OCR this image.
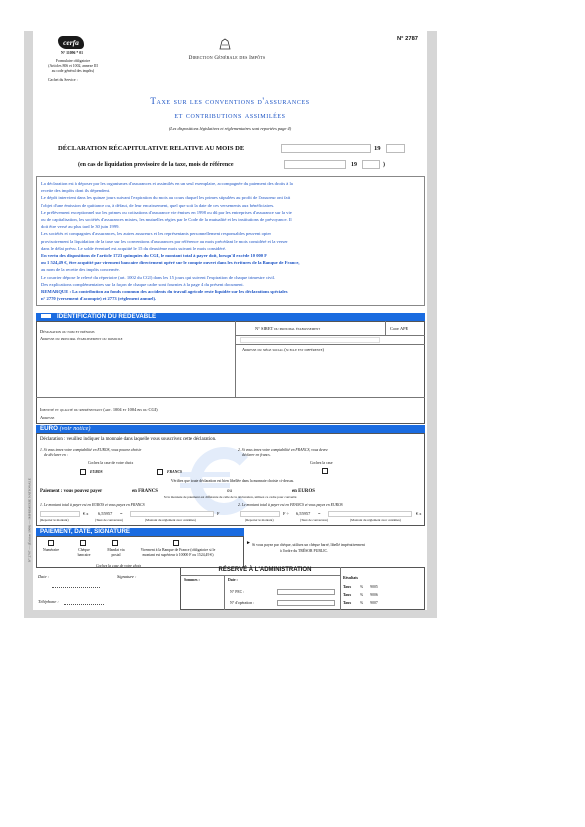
N° 2787 — (Édition 1999) — IMPRIMERIE NATIONALE
cerfa
N° 11096 * 01
Formulaire obligatoire
(Articles 806 et 1002, annexe III
au code général des impôts)
Cachet du Service :
Direction Générale des Impôts
N° 2787
Taxe sur les conventions d'assurances
et contributions assimilées
(Les dispositions législatives et réglementaires sont reportées page 4)
DÉCLARATION RÉCAPITULATIVE RELATIVE AU MOIS DE	19
(en cas de liquidation provisoire de la taxe, mois de référence	19	)
La déclaration est à déposer par les organismes d'assurances et assimilés en un seul exemplaire, accompagnée du paiement des droits à la
recette des impôts dont ils dépendent.
Le dépôt intervient dans les quinze jours suivant l'expiration du mois au cours duquel les primes stipulées au profit de l'assureur ont fait
l'objet d'une émission de quittance ou, à défaut, de leur encaissement, quel que soit la date de ces versements aux bénéficiaires.
Le prélèvement exceptionnel sur les primes ou cotisations d'assurance vie émises en 1998 ou dû par les entreprises d'assurance sur la vie
ou de capitalisation, les sociétés d'assurances mixtes, les mutuelles régies par le Code de la mutualité et les institutions de prévoyance. Il
doit être versé au plus tard le 30 juin 1999.
Les sociétés et compagnies d'assurances, les autres assureurs et les représentants personnellement responsables peuvent opter
provisoirement la liquidation de la taxe sur les conventions d'assurances par référence au mois précédant le mois considéré et la verser
dans le délai prévu. Le solde éventuel est acquitté le 15 du deuxième mois suivant le mois considéré.
En vertu des dispositions de l'article 1723 quinquies du CGI, le montant total à payer doit, lorsqu'il excède 10 000 F
ou 1 524,49 €, être acquitté par virement bancaire directement opéré sur le compte ouvert dans les écritures de la Banque de France,
au nom de la recette des impôts concernée.
Le courrier dépose le relevé du répertoire (art. 1002 du CGI) dans les 15 jours qui suivent l'expiration de chaque trimestre civil.
Des explications complémentaires sur la façon de chaque cadre sont fournies à la page 4 du présent document.
REMARQUE : La contribution au fonds commun des accidents du travail agricole reste liquidée sur les déclarations spéciales
n° 2770 (versement d'acompte) et 2773 (règlement annuel).
IDENTIFICATION DU REDEVABLE
Désignation ou nom et prénoms
Adresse du principal établissement ou domicile
N° SIRET du principal établissement	Code APE
Adresse du siège social (si elle est différente)
Identité et qualité du représentant (art. 1004 et 1004 bis du CGI)
Adresse
EURO (voir notice)
Déclaration : veuillez indiquer la monnaie dans laquelle vous souscrivez cette déclaration.
1. Si vous tenez votre comptabilité en EUROS, vous pouvez choisir
de déclarer en :
2. Si vous tenez votre comptabilité en FRANCS, vous devez
déclarer en francs.
Cochez la case de votre choix	Cochez la case
EUROS	FRANCS
Vérifiez que toute déclaration est bien libellée dans la monnaie choisie ci-dessus.
Paiement : vous pouvez payer	en FRANCS	ou	en EUROS
Si la monnaie de paiement est différente de celle de la déclaration, utilisez ce cadre pour convertir.
1. Le montant total à payer est en EUROS et vous payez en FRANCS	2. Le montant total à payer est en FRANCS et vous payez en EUROS
€ x 6,55957 =	F	F ÷ 6,55957 =	€ x
(Reporter le montant)	(Taux de conversion)	(Montant du règlement avec centimes)	(Reporter le montant)	(Taux de conversion)	(Montant du règlement avec centimes)
PAIEMENT, DATE, SIGNATURE
Numéraire	Chèque bancaire
Mandat via postal
Virement à la Banque de France (obligatoire si le montant est supérieur à 10000 F ou 1524,49 €)
Cochez la case de votre choix
► Si vous payez par chèque, utilisez un chèque barré, libellé impérativement
à l'ordre du TRÉSOR PUBLIC.
Date :	Signature :
Téléphone :
RÉSERVÉ À L'ADMINISTRATION
Sommes :	Date :
N° PEC :
N° d'opération :
Résultats
Taux % 9005
Taux % 9006
Taux % 9007
